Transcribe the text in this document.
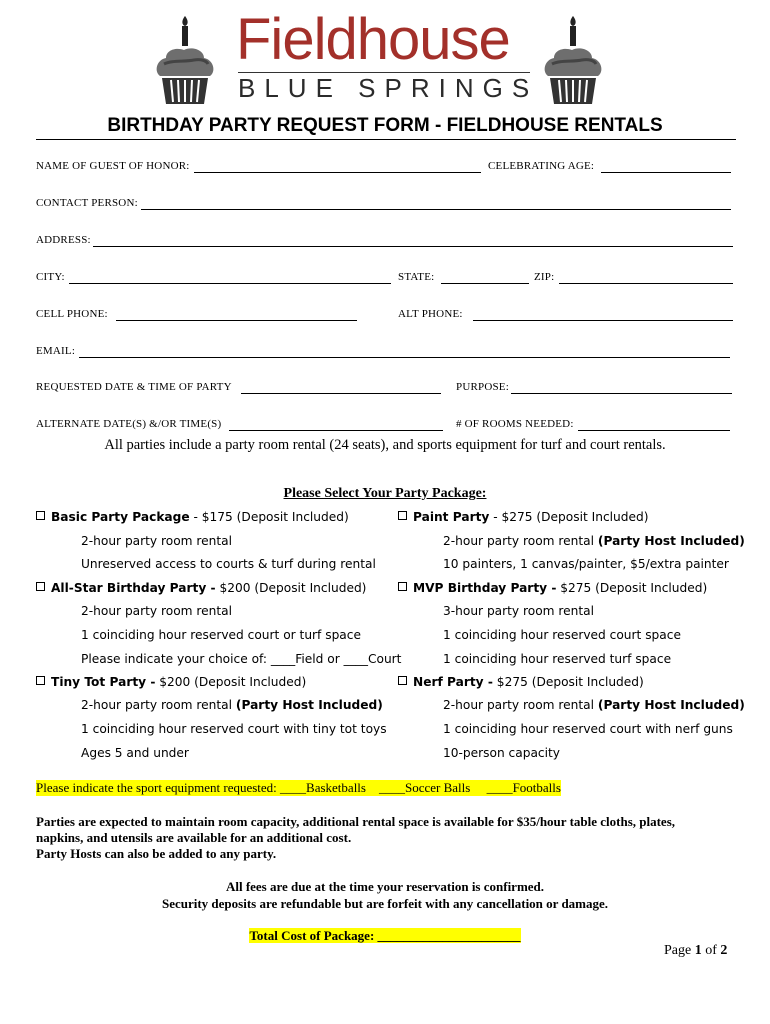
Fieldhouse
BLUE SPRINGS
BIRTHDAY PARTY REQUEST FORM - FIELDHOUSE RENTALS
NAME OF GUEST OF HONOR:	CELEBRATING AGE:
CONTACT PERSON:
ADDRESS:
CITY:	STATE:	ZIP:
CELL PHONE:	ALT PHONE:
EMAIL:
REQUESTED DATE & TIME OF PARTY	PURPOSE:
ALTERNATE DATE(S) &/OR TIME(S)	# OF ROOMS NEEDED:
All parties include a party room rental (24 seats), and sports equipment for turf and court rentals.
Please Select Your Party Package:
Basic Party Package - $175 (Deposit Included)
2-hour party room rental
Unreserved access to courts & turf during rental
All-Star Birthday Party - $200 (Deposit Included)
2-hour party room rental
1 coinciding hour reserved court or turf space
Please indicate your choice of: ____Field or ____Court
Tiny Tot Party - $200 (Deposit Included)
2-hour party room rental (Party Host Included)
1 coinciding hour reserved court with tiny tot toys
Ages 5 and under
Paint Party - $275 (Deposit Included)
2-hour party room rental (Party Host Included)
10 painters, 1 canvas/painter, $5/extra painter
MVP Birthday Party - $275 (Deposit Included)
3-hour party room rental
1 coinciding hour reserved court space
1 coinciding hour reserved turf space
Nerf Party - $275 (Deposit Included)
2-hour party room rental (Party Host Included)
1 coinciding hour reserved court with nerf guns
10-person capacity
Please indicate the sport equipment requested: ____Basketballs    ____Soccer Balls     ____Footballs
Parties are expected to maintain room capacity, additional rental space is available for $35/hour table cloths, plates,
napkins, and utensils are available for an additional cost.
Party Hosts can also be added to any party.
All fees are due at the time your reservation is confirmed.
Security deposits are refundable but are forfeit with any cancellation or damage.
Total Cost of Package: ______________________
Page 1 of 2
